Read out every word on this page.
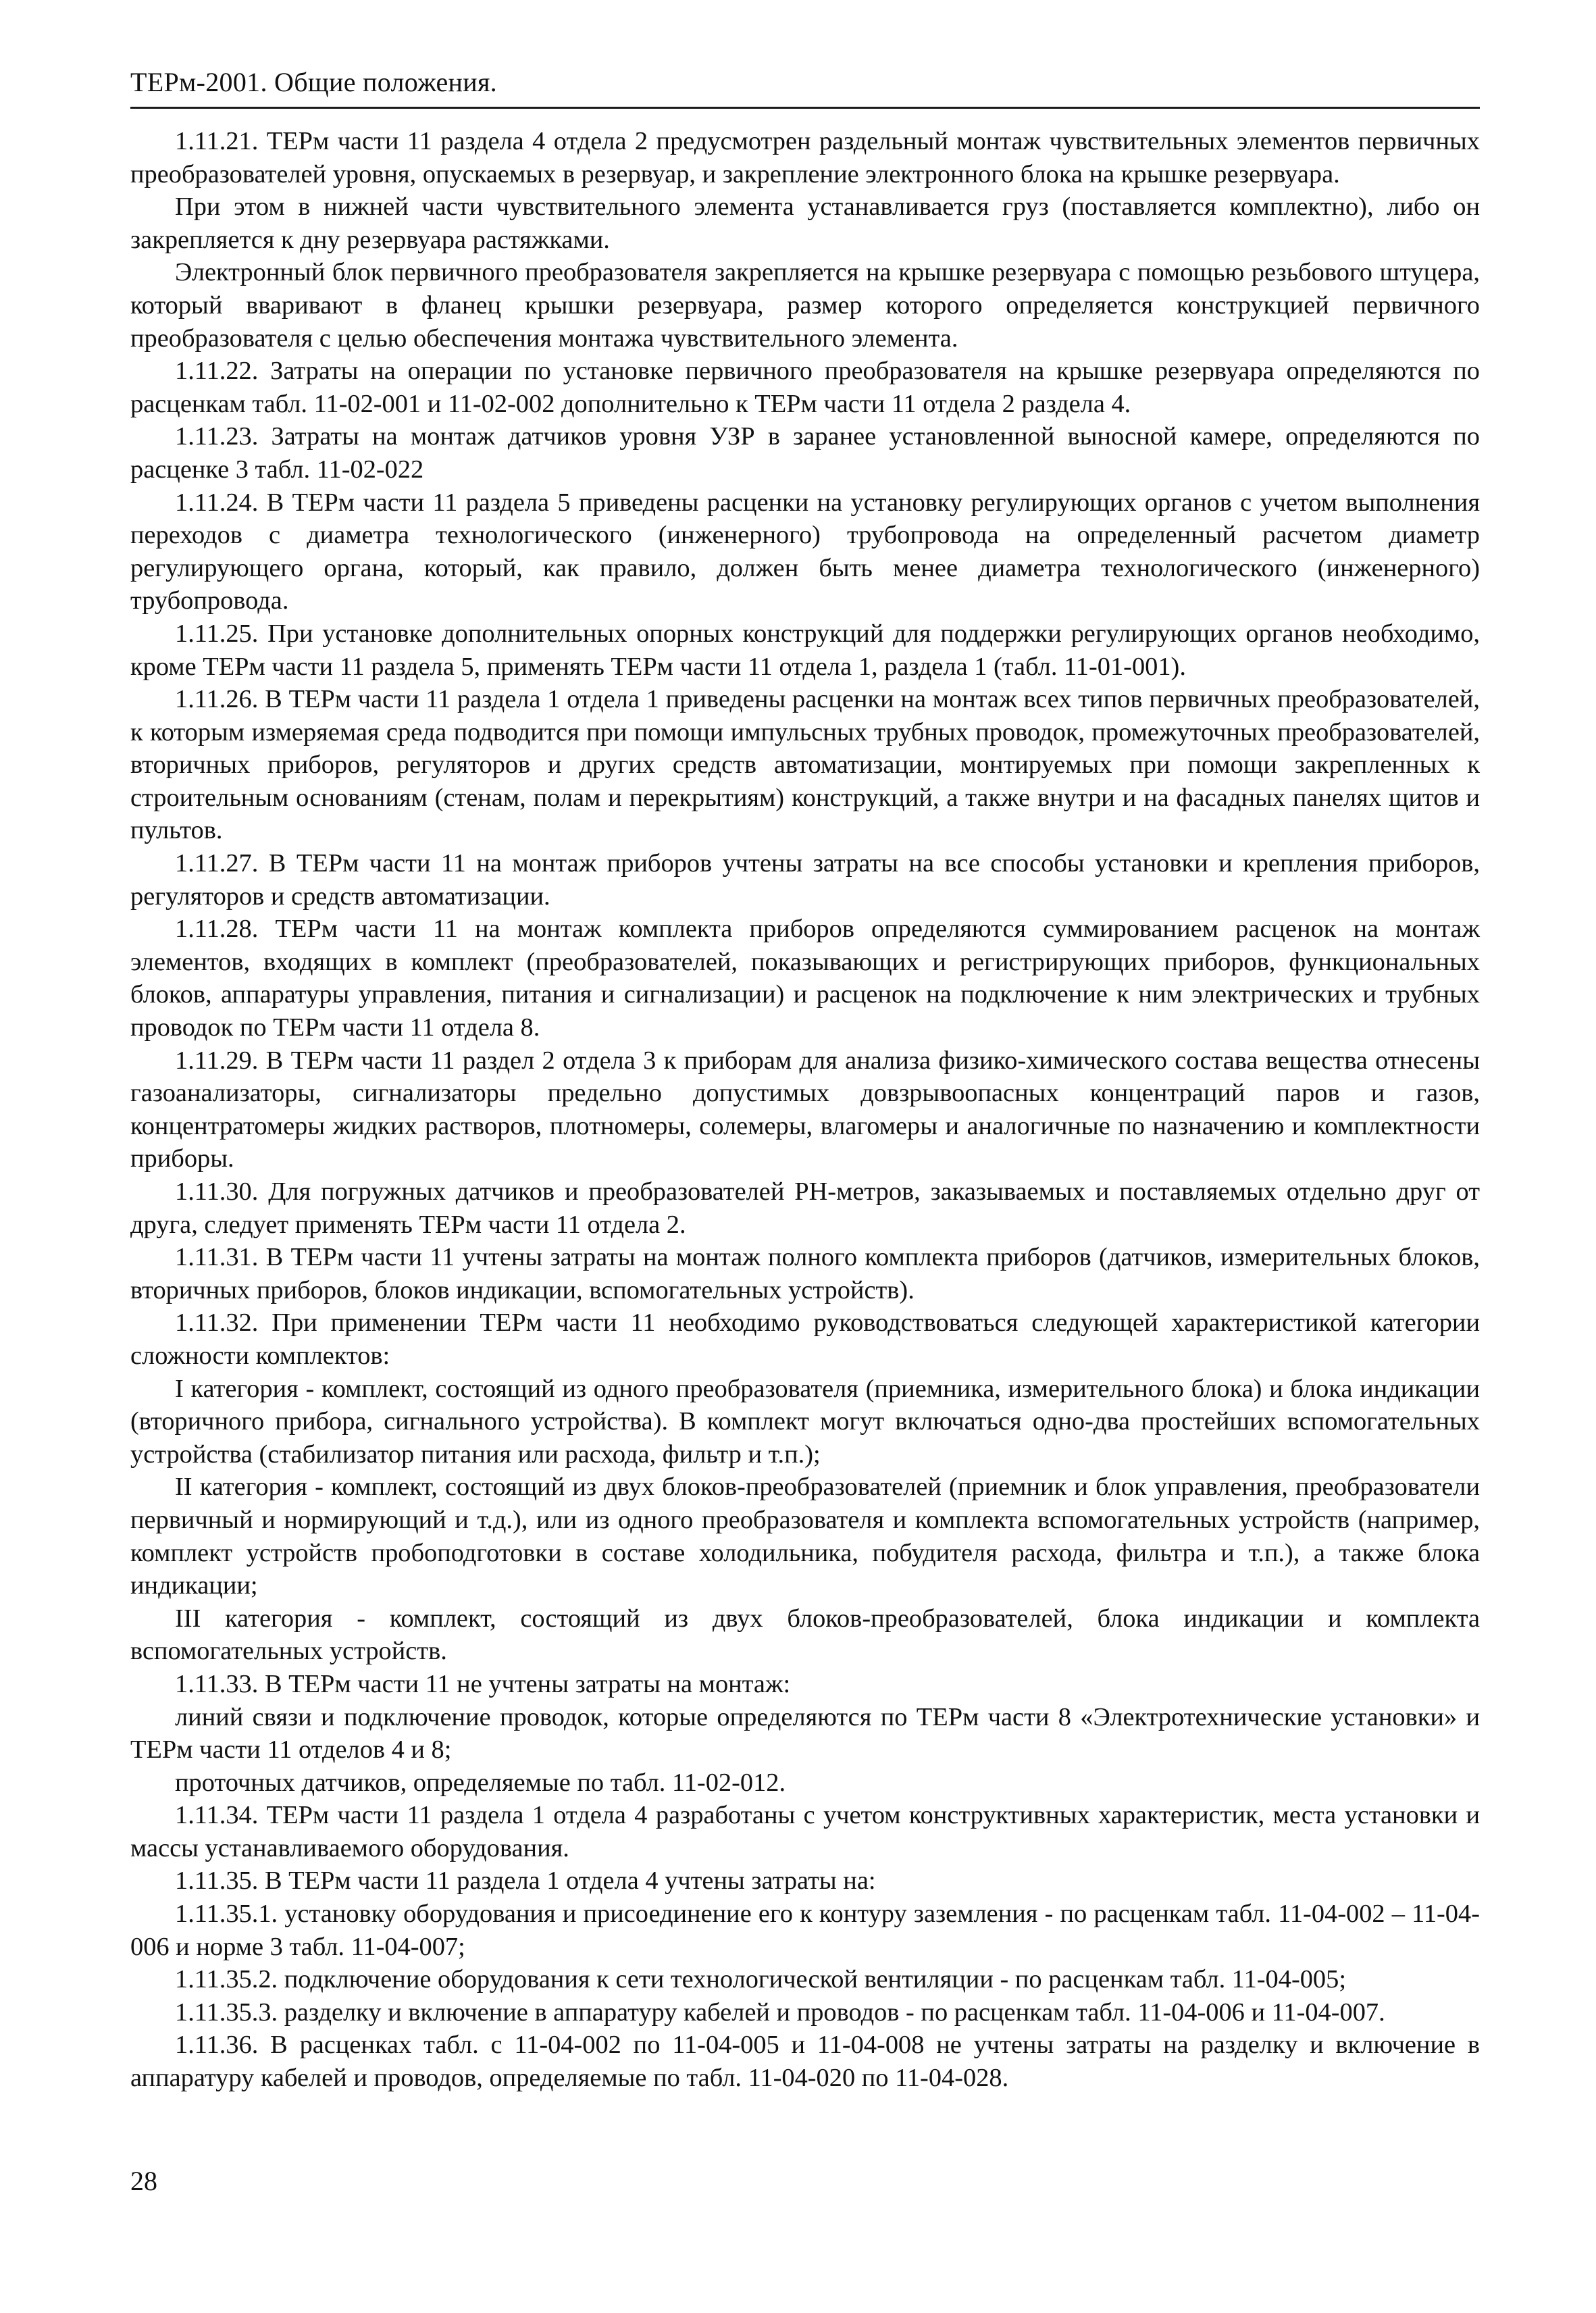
ТЕРм-2001. Общие положения.

1.11.21. ТЕРм части 11 раздела 4 отдела 2 предусмотрен раздельный монтаж чувствительных элементов первичных преобразователей уровня, опускаемых в резервуар, и закрепление электронного блока на крышке резервуара.

При этом в нижней части чувствительного элемента устанавливается груз (поставляется комплектно), либо он закрепляется к дну резервуара растяжками.

Электронный блок первичного преобразователя закрепляется на крышке резервуара с помощью резьбового штуцера, который вваривают в фланец крышки резервуара, размер которого определяется конструкцией первичного преобразователя с целью обеспечения монтажа чувствительного элемента.

1.11.22. Затраты на операции по установке первичного преобразователя на крышке резервуара определяются по расценкам табл. 11-02-001 и 11-02-002 дополнительно к ТЕРм части 11 отдела 2 раздела 4.

1.11.23. Затраты на монтаж датчиков уровня УЗР в заранее установленной выносной камере, определяются по расценке 3 табл. 11-02-022

1.11.24. В ТЕРм части 11 раздела 5 приведены расценки на установку регулирующих органов с учетом выполнения переходов с диаметра технологического (инженерного) трубопровода на определенный расчетом диаметр регулирующего органа, который, как правило, должен быть менее диаметра технологического (инженерного) трубопровода.

1.11.25. При установке дополнительных опорных конструкций для поддержки регулирующих органов необходимо, кроме ТЕРм части 11 раздела 5, применять ТЕРм части 11 отдела 1, раздела 1 (табл. 11-01-001).

1.11.26. В ТЕРм части 11 раздела 1 отдела 1 приведены расценки на монтаж всех типов первичных преобразователей, к которым измеряемая среда подводится при помощи импульсных трубных проводок, промежуточных преобразователей, вторичных приборов, регуляторов и других средств автоматизации, монтируемых при помощи закрепленных к строительным основаниям (стенам, полам и перекрытиям) конструкций, а также внутри и на фасадных панелях щитов и пультов.

1.11.27. В ТЕРм части 11 на монтаж приборов учтены затраты на все способы установки и крепления приборов, регуляторов и средств автоматизации.

1.11.28. ТЕРм части 11 на монтаж комплекта приборов определяются суммированием расценок на монтаж элементов, входящих в комплект (преобразователей, показывающих и регистрирующих приборов, функциональных блоков, аппаратуры управления, питания и сигнализации) и расценок на подключение к ним электрических и трубных проводок по ТЕРм части 11 отдела 8.

1.11.29. В ТЕРм части 11 раздел 2 отдела 3 к приборам для анализа физико-химического состава вещества отнесены газоанализаторы, сигнализаторы предельно допустимых довзрывоопасных концентраций паров и газов, концентратомеры жидких растворов, плотномеры, солемеры, влагомеры и аналогичные по назначению и комплектности приборы.

1.11.30. Для погружных датчиков и преобразователей PH-метров, заказываемых и поставляемых отдельно друг от друга, следует применять ТЕРм части 11 отдела 2.

1.11.31. В ТЕРм части 11 учтены затраты на монтаж полного комплекта приборов (датчиков, измерительных блоков, вторичных приборов, блоков индикации, вспомогательных устройств).

1.11.32. При применении ТЕРм части 11 необходимо руководствоваться следующей характеристикой категории сложности комплектов:

I категория - комплект, состоящий из одного преобразователя (приемника, измерительного блока) и блока индикации (вторичного прибора, сигнального устройства). В комплект могут включаться одно-два простейших вспомогательных устройства (стабилизатор питания или расхода, фильтр и т.п.);

II категория - комплект, состоящий из двух блоков-преобразователей (приемник и блок управления, преобразователи первичный и нормирующий и т.д.), или из одного преобразователя и комплекта вспомогательных устройств (например, комплект устройств пробоподготовки в составе холодильника, побудителя расхода, фильтра и т.п.), а также блока индикации;

III категория - комплект, состоящий из двух блоков-преобразователей, блока индикации и комплекта вспомогательных устройств.

1.11.33. В ТЕРм части 11 не учтены затраты на монтаж:

линий связи и подключение проводок, которые определяются по ТЕРм части 8 «Электротехнические установки» и ТЕРм части 11 отделов 4 и 8;

проточных датчиков, определяемые по табл. 11-02-012.

1.11.34. ТЕРм части 11 раздела 1 отдела 4 разработаны с учетом конструктивных характеристик, места установки и массы устанавливаемого оборудования.

1.11.35. В ТЕРм части 11 раздела 1 отдела 4 учтены затраты на:

1.11.35.1. установку оборудования и присоединение его к контуру заземления - по расценкам табл. 11-04-002 – 11-04-006 и норме 3 табл. 11-04-007;

1.11.35.2. подключение оборудования к сети технологической вентиляции - по расценкам табл. 11-04-005;

1.11.35.3. разделку и включение в аппаратуру кабелей и проводов - по расценкам табл. 11-04-006 и 11-04-007.

1.11.36. В расценках табл. с 11-04-002 по 11-04-005 и 11-04-008 не учтены затраты на разделку и включение в аппаратуру кабелей и проводов, определяемые по табл. 11-04-020 по 11-04-028.

28
